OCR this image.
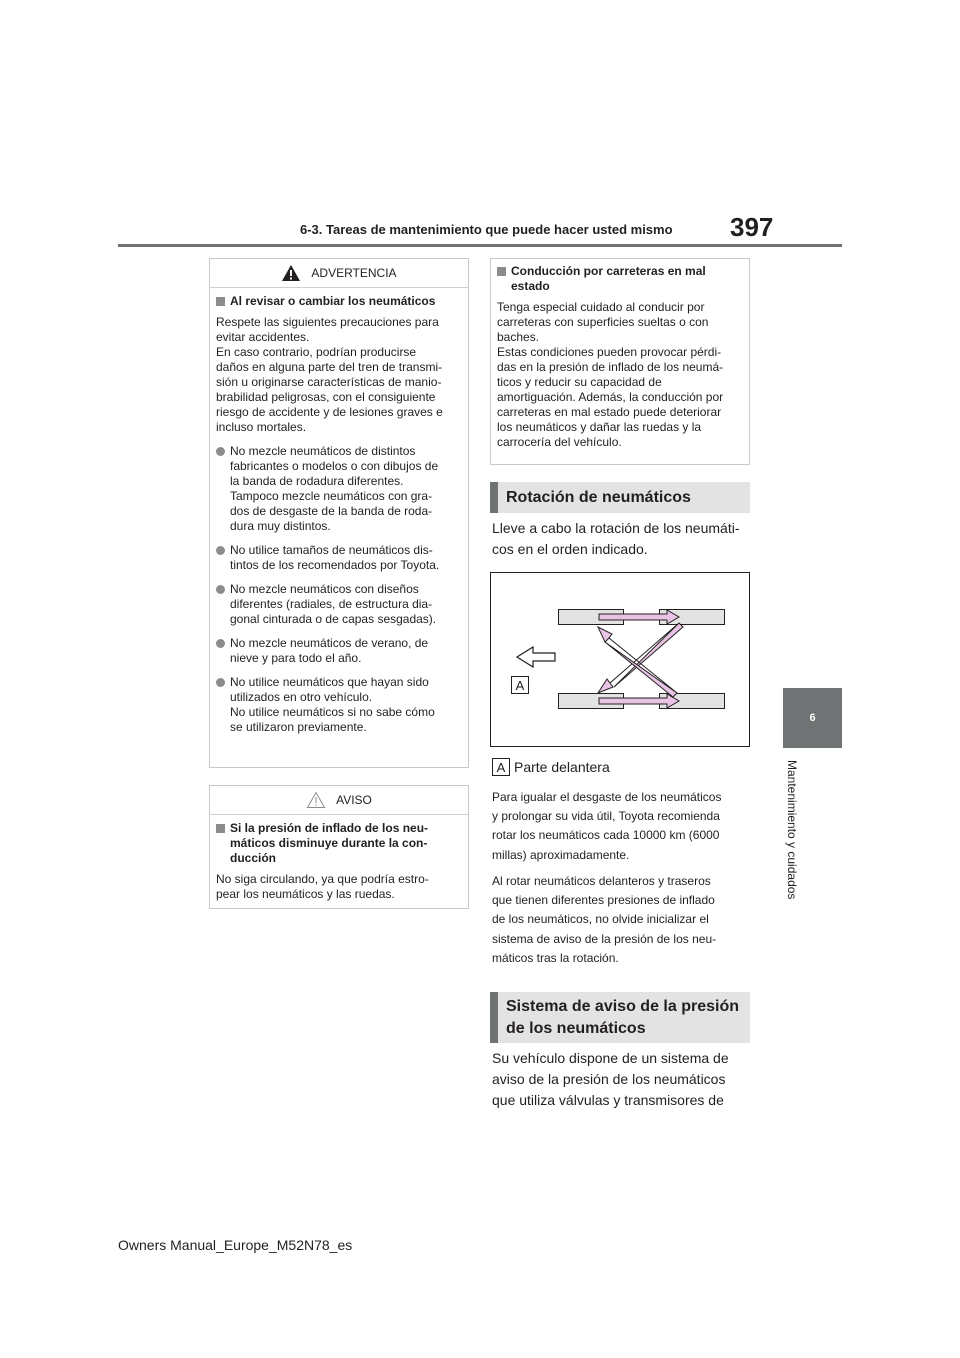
6-3. Tareas de mantenimiento que puede hacer usted mismo 397
6
Mantenimiento y cuidados
ADVERTENCIA
Al revisar o cambiar los neumáticos
Respete las siguientes precauciones para
evitar accidentes.
En caso contrario, podrían producirse
daños en alguna parte del tren de transmi-
sión u originarse características de manio-
brabilidad peligrosas, con el consiguiente
riesgo de accidente y de lesiones graves e
incluso mortales.
No mezcle neumáticos de distintos
fabricantes o modelos o con dibujos de
la banda de rodadura diferentes.
Tampoco mezcle neumáticos con gra-
dos de desgaste de la banda de roda-
dura muy distintos.
No utilice tamaños de neumáticos dis-
tintos de los recomendados por Toyota.
No mezcle neumáticos con diseños
diferentes (radiales, de estructura dia-
gonal cinturada o de capas sesgadas).
No mezcle neumáticos de verano, de
nieve y para todo el año.
No utilice neumáticos que hayan sido
utilizados en otro vehículo.
No utilice neumáticos si no sabe cómo
se utilizaron previamente.
AVISO
Si la presión de inflado de los neu-
máticos disminuye durante la con-
ducción
No siga circulando, ya que podría estro-
pear los neumáticos y las ruedas.
Conducción por carreteras en mal
estado
Tenga especial cuidado al conducir por
carreteras con superficies sueltas o con
baches.
Estas condiciones pueden provocar pérdi-
das en la presión de inflado de los neumá-
ticos y reducir su capacidad de
amortiguación. Además, la conducción por
carreteras en mal estado puede deteriorar
los neumáticos y dañar las ruedas y la
carrocería del vehículo.
Rotación de neumáticos
Lleve a cabo la rotación de los neumáti-
cos en el orden indicado.
A
A Parte delantera
Para igualar el desgaste de los neumáticos
y prolongar su vida útil, Toyota recomienda
rotar los neumáticos cada 10000 km (6000
millas) aproximadamente.
Al rotar neumáticos delanteros y traseros
que tienen diferentes presiones de inflado
de los neumáticos, no olvide inicializar el
sistema de aviso de la presión de los neu-
máticos tras la rotación.
Sistema de aviso de la presión
de los neumáticos
Su vehículo dispone de un sistema de
aviso de la presión de los neumáticos
que utiliza válvulas y transmisores de
Owners Manual_Europe_M52N78_es
